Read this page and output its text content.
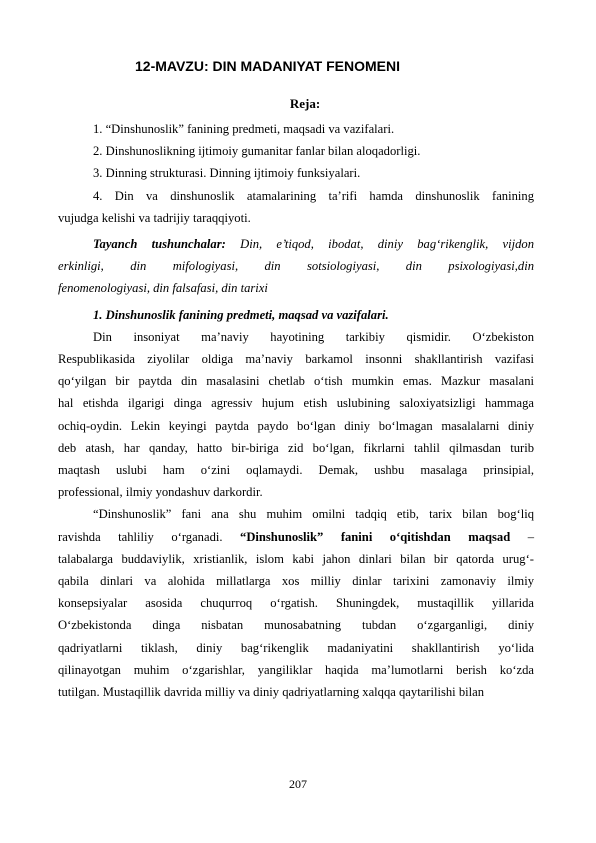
12-MAVZU: DIN MADANIYAT FENOMENI
Reja:

1. “Dinshunoslik” fanining predmeti, maqsadi va vazifalari.

2. Dinshunoslikning ijtimoiy gumanitar fanlar bilan aloqadorligi.

3. Dinning strukturasi. Dinning ijtimoiy funksiyalari.

4. Din va dinshunoslik atamalarining ta’rifi hamda dinshunoslik fanining

vujudga kelishi va tadrijiy taraqqiyoti.

Tayanch tushunchalar: Din, e’tiqod, ibodat, diniy bag‘rikenglik, vijdon

erkinligi, din mifologiyasi, din sotsiologiyasi, din psixologiyasi,din

fenomenologiyasi, din falsafasi, din tarixi

1. Dinshunoslik fanining predmeti, maqsad va vazifalari.

Din insoniyat ma’naviy hayotining tarkibiy qismidir. O‘zbekiston

Respublikasida ziyolilar oldiga ma’naviy barkamol insonni shakllantirish vazifasi

qo‘yilgan bir paytda din masalasini chetlab o‘tish mumkin emas. Mazkur masalani

hal etishda ilgarigi dinga agressiv hujum etish uslubining saloxiyatsizligi hammaga

ochiq-oydin. Lekin keyingi paytda paydo bo‘lgan diniy bo‘lmagan masalalarni diniy

deb atash, har qanday, hatto bir-biriga zid bo‘lgan, fikrlarni tahlil qilmasdan turib

maqtash uslubi ham o‘zini oqlamaydi. Demak, ushbu masalaga prinsipial,

professional, ilmiy yondashuv darkordir.

“Dinshunoslik” fani ana shu muhim omilni tadqiq etib, tarix bilan bog‘liq

ravishda tahliliy o‘rganadi. “Dinshunoslik” fanini o‘qitishdan maqsad –

talabalarga buddaviylik, xristianlik, islom kabi jahon dinlari bilan bir qatorda urug‘-

qabila dinlari va alohida millatlarga xos milliy dinlar tarixini zamonaviy ilmiy

konsepsiyalar asosida chuqurroq o‘rgatish. Shuningdek, mustaqillik yillarida

O‘zbekistonda dinga nisbatan munosabatning tubdan o‘zgarganligi, diniy

qadriyatlarni tiklash, diniy bag‘rikenglik madaniyatini shakllantirish yo‘lida

qilinayotgan muhim o‘zgarishlar, yangiliklar haqida ma’lumotlarni berish ko‘zda

tutilgan. Mustaqillik davrida milliy va diniy qadriyatlarning xalqqa qaytarilishi bilan

207
